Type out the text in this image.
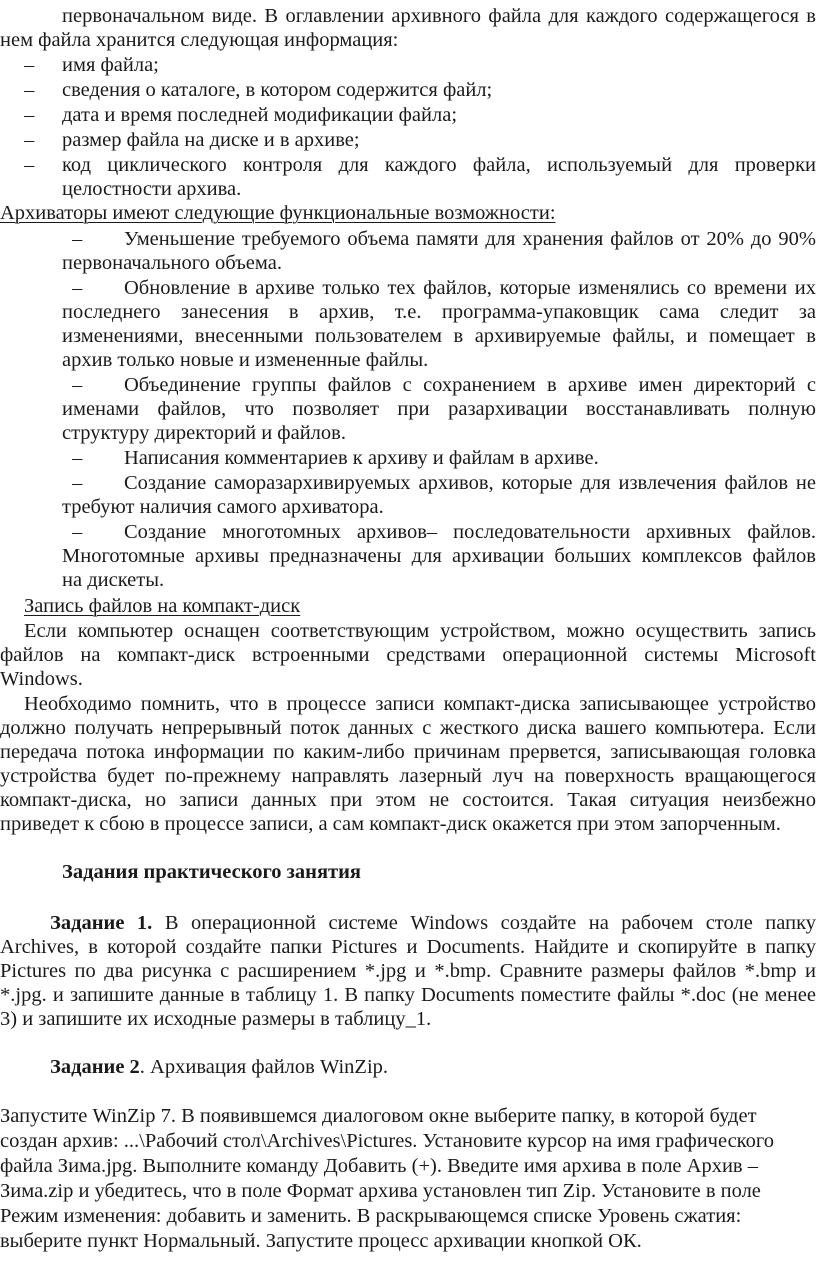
первоначальном виде. В оглавлении архивного файла для каждого содержащегося в
нем файла хранится следующая информация:
–	имя файла;
–	сведения о каталоге, в котором содержится файл;
–	дата и время последней модификации файла;
–	размер файла на диске и в архиве;
–	код циклического контроля для каждого файла, используемый для проверки
целостности архива.
Архиваторы имеют следующие функциональные возможности:
–	Уменьшение требуемого объема памяти для хранения файлов от 20% до 90%
первоначального объема.
–	Обновление в архиве только тех файлов, которые изменялись со времени их
последнего занесения в архив, т.е. программа-упаковщик сама следит за
изменениями, внесенными пользователем в архивируемые файлы, и помещает в
архив только новые и измененные файлы.
–	Объединение группы файлов с сохранением в архиве имен директорий с
именами файлов, что позволяет при разархивации восстанавливать полную
структуру директорий и файлов.
–	Написания комментариев к архиву и файлам в архиве.
–	Создание саморазархивируемых архивов, которые для извлечения файлов не
требуют наличия самого архиватора.
–	Создание многотомных архивов– последовательности архивных файлов.
Многотомные архивы предназначены для архивации больших комплексов файлов
на дискеты.
Запись файлов на компакт-диск
Если компьютер оснащен соответствующим устройством, можно осуществить запись
файлов на компакт-диск встроенными средствами операционной системы Microsoft
Windows.
Необходимо помнить, что в процессе записи компакт-диска записывающее устройство
должно получать непрерывный поток данных с жесткого диска вашего компьютера. Если
передача потока информации по каким-либо причинам прервется, записывающая головка
устройства будет по-прежнему направлять лазерный луч на поверхность вращающегося
компакт-диска, но записи данных при этом не состоится. Такая ситуация неизбежно
приведет к сбою в процессе записи, а сам компакт-диск окажется при этом запорченным.
Задания практического занятия
Задание 1. В операционной системе Windows создайте на рабочем столе папку
Archives, в которой создайте папки Pictures и Documents. Найдите и скопируйте в папку
Pictures по два рисунка с расширением *.jpg и *.bmp. Сравните размеры файлов *.bmp и
*.jpg. и запишите данные в таблицу 1. В папку Documents поместите файлы *.doc (не менее
3) и запишите их исходные размеры в таблицу_1.
Задание 2. Архивация файлов WinZip.
Запустите WinZip 7. В появившемся диалоговом окне выберите папку, в которой будет
создан архив: ...\Рабочий стол\Archives\Pictures. Установите курсор на имя графического
файла Зима.jpg. Выполните команду Добавить (+). Введите имя архива в поле Архив –
Зима.zip и убедитесь, что в поле Формат архива установлен тип Zip. Установите в поле
Режим изменения: добавить и заменить. В раскрывающемся списке Уровень сжатия:
выберите пункт Нормальный. Запустите процесс архивации кнопкой ОК.
